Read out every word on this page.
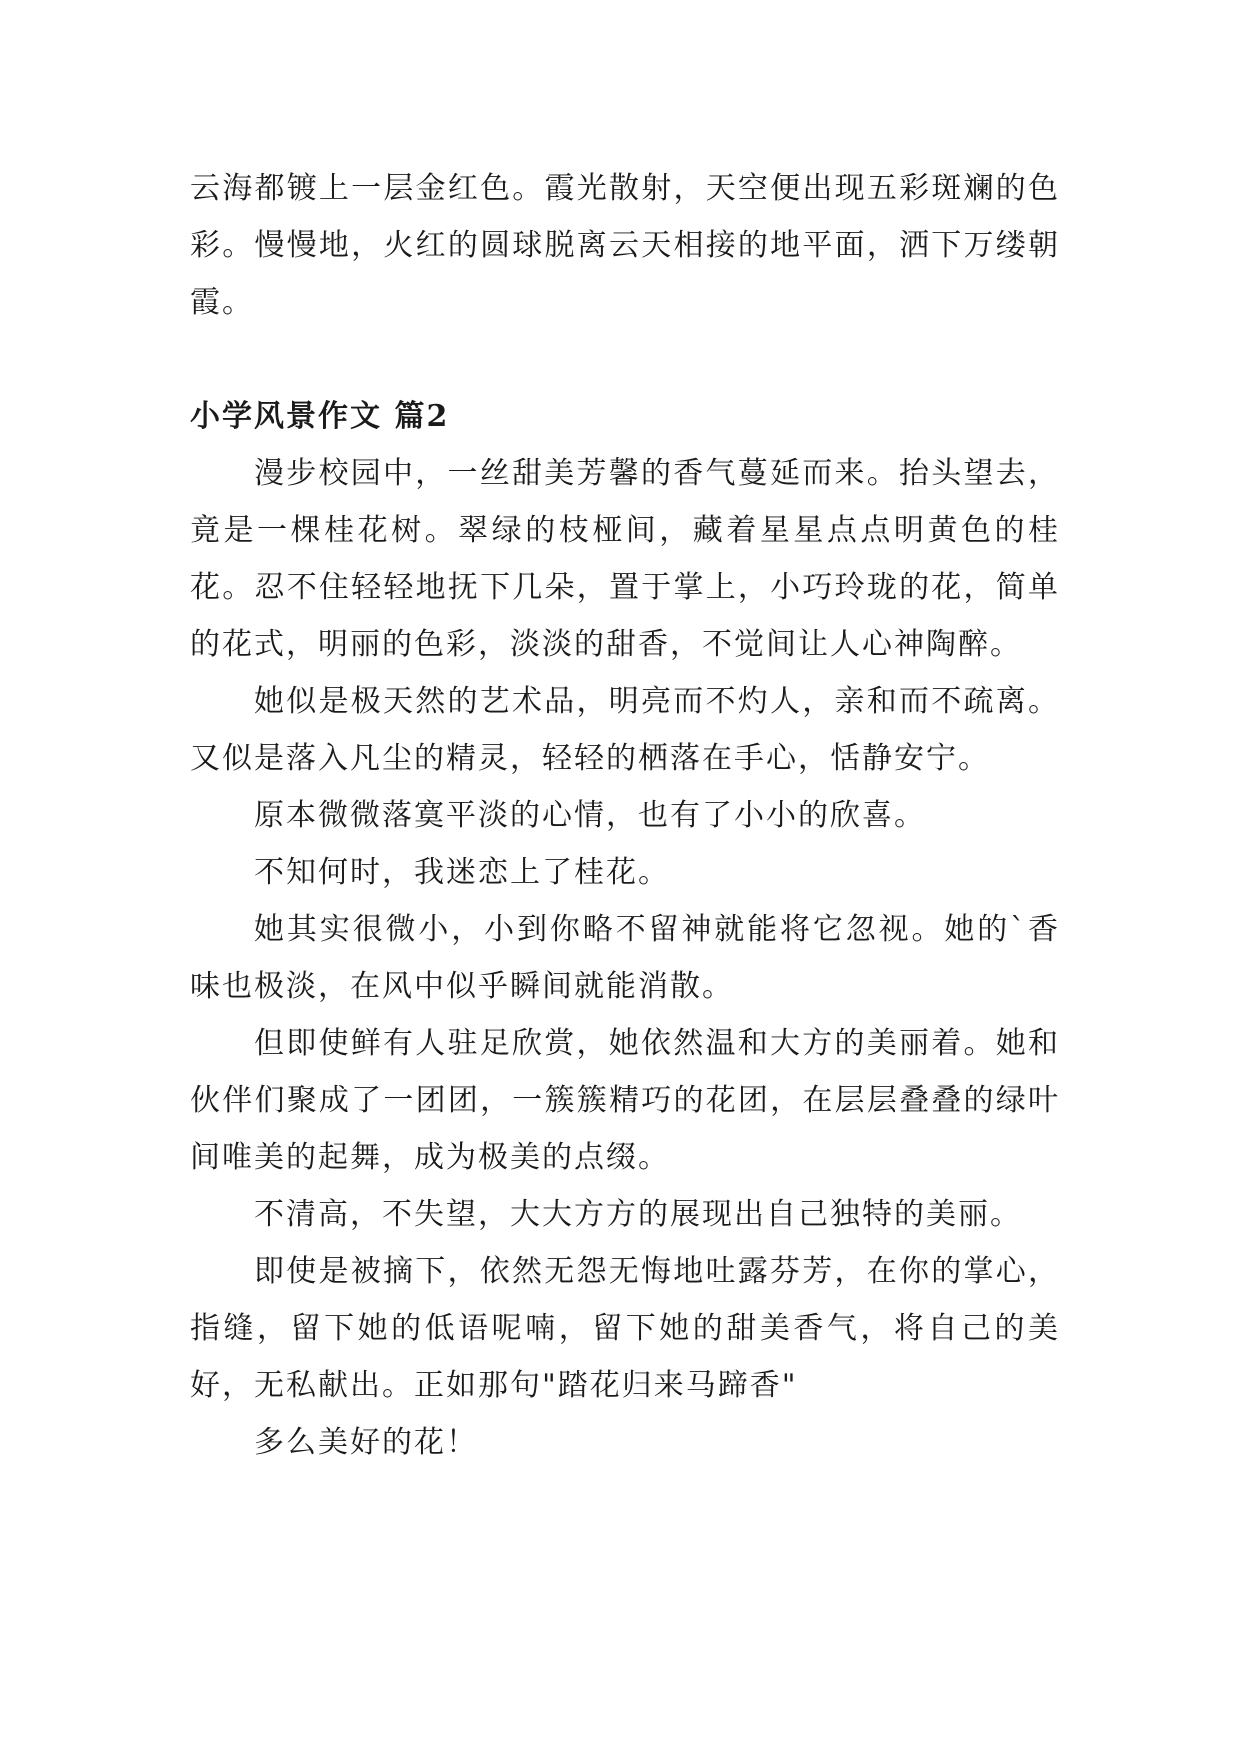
云海都镀上一层金红色。霞光散射，天空便出现五彩斑斓的色彩。慢慢地，火红的圆球脱离云天相接的地平面，洒下万缕朝霞。

小学风景作文 篇2

漫步校园中，一丝甜美芳馨的香气蔓延而来。抬头望去，竟是一棵桂花树。翠绿的枝桠间，藏着星星点点明黄色的桂花。忍不住轻轻地抚下几朵，置于掌上，小巧玲珑的花，简单的花式，明丽的色彩，淡淡的甜香，不觉间让人心神陶醉。

她似是极天然的艺术品，明亮而不灼人，亲和而不疏离。又似是落入凡尘的精灵，轻轻的栖落在手心，恬静安宁。

原本微微落寞平淡的心情，也有了小小的欣喜。

不知何时，我迷恋上了桂花。

她其实很微小，小到你略不留神就能将它忽视。她的`香味也极淡，在风中似乎瞬间就能消散。

但即使鲜有人驻足欣赏，她依然温和大方的美丽着。她和伙伴们聚成了一团团，一簇簇精巧的花团，在层层叠叠的绿叶间唯美的起舞，成为极美的点缀。

不清高，不失望，大大方方的展现出自己独特的美丽。

即使是被摘下，依然无怨无悔地吐露芬芳，在你的掌心，指缝，留下她的低语呢喃，留下她的甜美香气，将自己的美好，无私献出。正如那句"踏花归来马蹄香"

多么美好的花！
